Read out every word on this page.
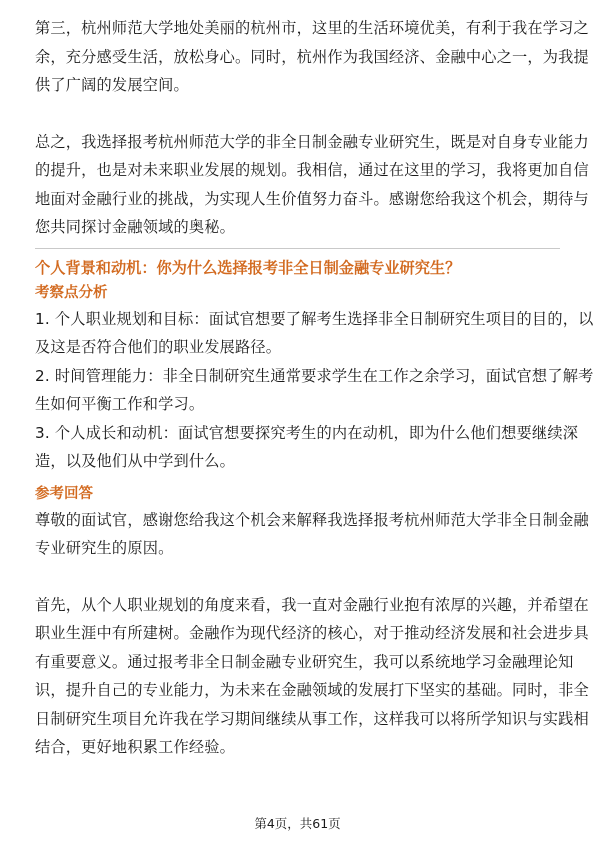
第三，杭州师范大学地处美丽的杭州市，这里的生活环境优美，有利于我在学习之
余，充分感受生活，放松身心。同时，杭州作为我国经济、金融中心之一，为我提
供了广阔的发展空间。

总之，我选择报考杭州师范大学的非全日制金融专业研究生，既是对自身专业能力
的提升，也是对未来职业发展的规划。我相信，通过在这里的学习，我将更加自信
地面对金融行业的挑战，为实现人生价值努力奋斗。感谢您给我这个机会，期待与
您共同探讨金融领域的奥秘。

个人背景和动机：你为什么选择报考非全日制金融专业研究生？

考察点分析

1. 个人职业规划和目标：面试官想要了解考生选择非全日制研究生项目的目的，以
及这是否符合他们的职业发展路径。

2. 时间管理能力：非全日制研究生通常要求学生在工作之余学习，面试官想了解考
生如何平衡工作和学习。

3. 个人成长和动机：面试官想要探究考生的内在动机，即为什么他们想要继续深
造，以及他们从中学到什么。

参考回答

尊敬的面试官，感谢您给我这个机会来解释我选择报考杭州师范大学非全日制金融
专业研究生的原因。

首先，从个人职业规划的角度来看，我一直对金融行业抱有浓厚的兴趣，并希望在
职业生涯中有所建树。金融作为现代经济的核心，对于推动经济发展和社会进步具
有重要意义。通过报考非全日制金融专业研究生，我可以系统地学习金融理论知
识，提升自己的专业能力，为未来在金融领域的发展打下坚实的基础。同时，非全
日制研究生项目允许我在学习期间继续从事工作，这样我可以将所学知识与实践相
结合，更好地积累工作经验。

第4页，共61页
